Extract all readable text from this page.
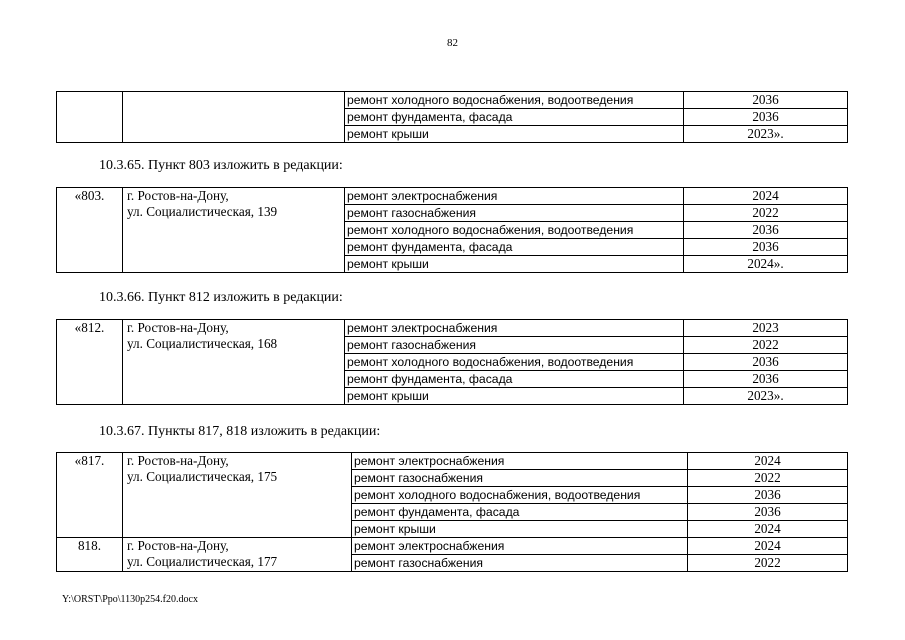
82
		ремонт холодного водоснабжения, водоотведения	2036
		ремонт фундамента, фасада	2036
		ремонт крыши	2023».
10.3.65. Пункт 803 изложить в редакции:
«803.	г. Ростов-на-Дону,
ул. Социалистическая, 139	ремонт электроснабжения	2024
		ремонт газоснабжения	2022
		ремонт холодного водоснабжения, водоотведения	2036
		ремонт фундамента, фасада	2036
		ремонт крыши	2024».
10.3.66. Пункт 812 изложить в редакции:
«812.	г. Ростов-на-Дону,
ул. Социалистическая, 168	ремонт электроснабжения	2023
		ремонт газоснабжения	2022
		ремонт холодного водоснабжения, водоотведения	2036
		ремонт фундамента, фасада	2036
		ремонт крыши	2023».
10.3.67. Пункты 817, 818 изложить в редакции:
«817.	г. Ростов-на-Дону,
ул. Социалистическая, 175	ремонт электроснабжения	2024
		ремонт газоснабжения	2022
		ремонт холодного водоснабжения, водоотведения	2036
		ремонт фундамента, фасада	2036
		ремонт крыши	2024
818.	г. Ростов-на-Дону,
ул. Социалистическая, 177	ремонт электроснабжения	2024
		ремонт газоснабжения	2022
Y:\ORST\Ppo\1130p254.f20.docx
